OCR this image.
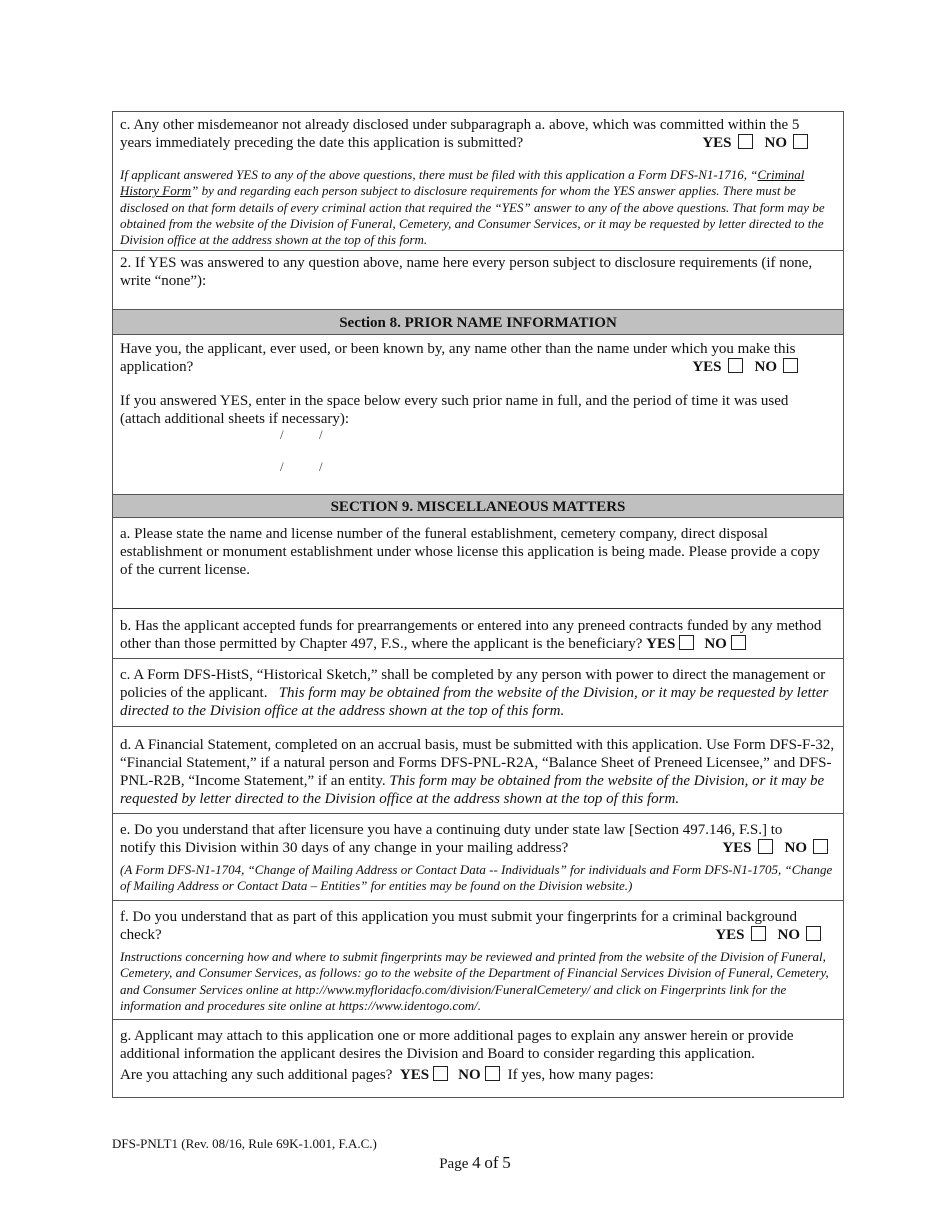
c. Any other misdemeanor not already disclosed under subparagraph a. above, which was committed within the 5 years immediately preceding the date this application is submitted?	YES NO

If applicant answered YES to any of the above questions, there must be filed with this application a Form DFS-N1-1716, “Criminal History Form” by and regarding each person subject to disclosure requirements for whom the YES answer applies. There must be disclosed on that form details of every criminal action that required the “YES” answer to any of the above questions. That form may be obtained from the website of the Division of Funeral, Cemetery, and Consumer Services, or it may be requested by letter directed to the Division office at the address shown at the top of this form.

2. If YES was answered to any question above, name here every person subject to disclosure requirements (if none, write “none”):

Section 8. PRIOR NAME INFORMATION

Have you, the applicant, ever used, or been known by, any name other than the name under which you make this application?	YES NO

If you answered YES, enter in the space below every such prior name in full, and the period of time it was used (attach additional sheets if necessary):

/	/
/	/
SECTION 9. MISCELLANEOUS MATTERS

a. Please state the name and license number of the funeral establishment, cemetery company, direct disposal establishment or monument establishment under whose license this application is being made. Please provide a copy of the current license.

b. Has the applicant accepted funds for prearrangements or entered into any preneed contracts funded by any method other than those permitted by Chapter 497, F.S., where the applicant is the beneficiary? YES NO

c. A Form DFS-HistS, “Historical Sketch,” shall be completed by any person with power to direct the management or policies of the applicant. This form may be obtained from the website of the Division, or it may be requested by letter directed to the Division office at the address shown at the top of this form.

d. A Financial Statement, completed on an accrual basis, must be submitted with this application. Use Form DFS-F-32, “Financial Statement,” if a natural person and Forms DFS-PNL-R2A, “Balance Sheet of Preneed Licensee,” and DFS-PNL-R2B, “Income Statement,” if an entity. This form may be obtained from the website of the Division, or it may be requested by letter directed to the Division office at the address shown at the top of this form.

e. Do you understand that after licensure you have a continuing duty under state law [Section 497.146, F.S.] to notify this Division within 30 days of any change in your mailing address?	YES NO

(A Form DFS-N1-1704, “Change of Mailing Address or Contact Data -- Individuals” for individuals and Form DFS-N1-1705, “Change of Mailing Address or Contact Data – Entities” for entities may be found on the Division website.)

f. Do you understand that as part of this application you must submit your fingerprints for a criminal background check?	YES NO

Instructions concerning how and where to submit fingerprints may be reviewed and printed from the website of the Division of Funeral, Cemetery, and Consumer Services, as follows: go to the website of the Department of Financial Services Division of Funeral, Cemetery, and Consumer Services online at http://www.myfloridacfo.com/division/FuneralCemetery/ and click on Fingerprints link for the information and procedures site online at https://www.identogo.com/.

g. Applicant may attach to this application one or more additional pages to explain any answer herein or provide additional information the applicant desires the Division and Board to consider regarding this application.

Are you attaching any such additional pages? YES NO If yes, how many pages:

DFS-PNLT1 (Rev. 08/16, Rule 69K-1.001, F.A.C.)
Page 4 of 5
